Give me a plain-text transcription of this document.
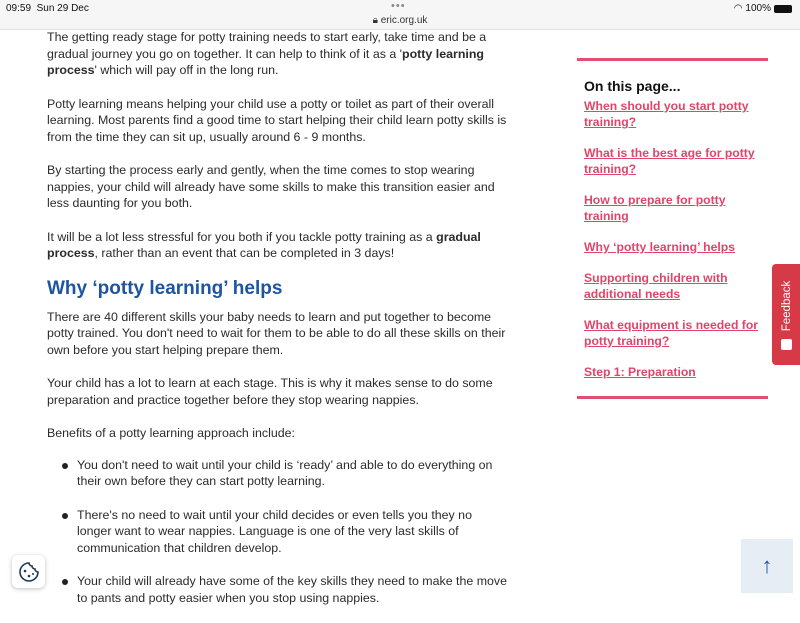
09:59 Sun 29 Dec	•••
🔒︎ eric.org.uk
◠ 100%

The getting ready stage for potty training needs to start early, take time and be a gradual journey you go on together. It can help to think of it as a 'potty learning process' which will pay off in the long run.

Potty learning means helping your child use a potty or toilet as part of their overall learning. Most parents find a good time to start helping their child learn potty skills is from the time they can sit up, usually around 6 - 9 months.

By starting the process early and gently, when the time comes to stop wearing nappies, your child will already have some skills to make this transition easier and less daunting for you both.

It will be a lot less stressful for you both if you tackle potty training as a gradual process, rather than an event that can be completed in 3 days!

Why ‘potty learning’ helps

There are 40 different skills your baby needs to learn and put together to become potty trained. You don't need to wait for them to be able to do all these skills on their own before you start helping prepare them.

Your child has a lot to learn at each stage. This is why it makes sense to do some preparation and practice together before they stop wearing nappies.

Benefits of a potty learning approach include:

You don't need to wait until your child is ‘ready’ and able to do everything on their own before they can start potty learning.
There's no need to wait until your child decides or even tells you they no longer want to wear nappies. Language is one of the very last skills of communication that children develop.
Your child will already have some of the key skills they need to make the move to pants and potty easier when you stop using nappies.
On this page...
When should you start potty training?
What is the best age for potty training?
How to prepare for potty training
Why ‘potty learning’ helps
Supporting children with additional needs
What equipment is needed for potty training?
Step 1: Preparation
Feedback
↑
